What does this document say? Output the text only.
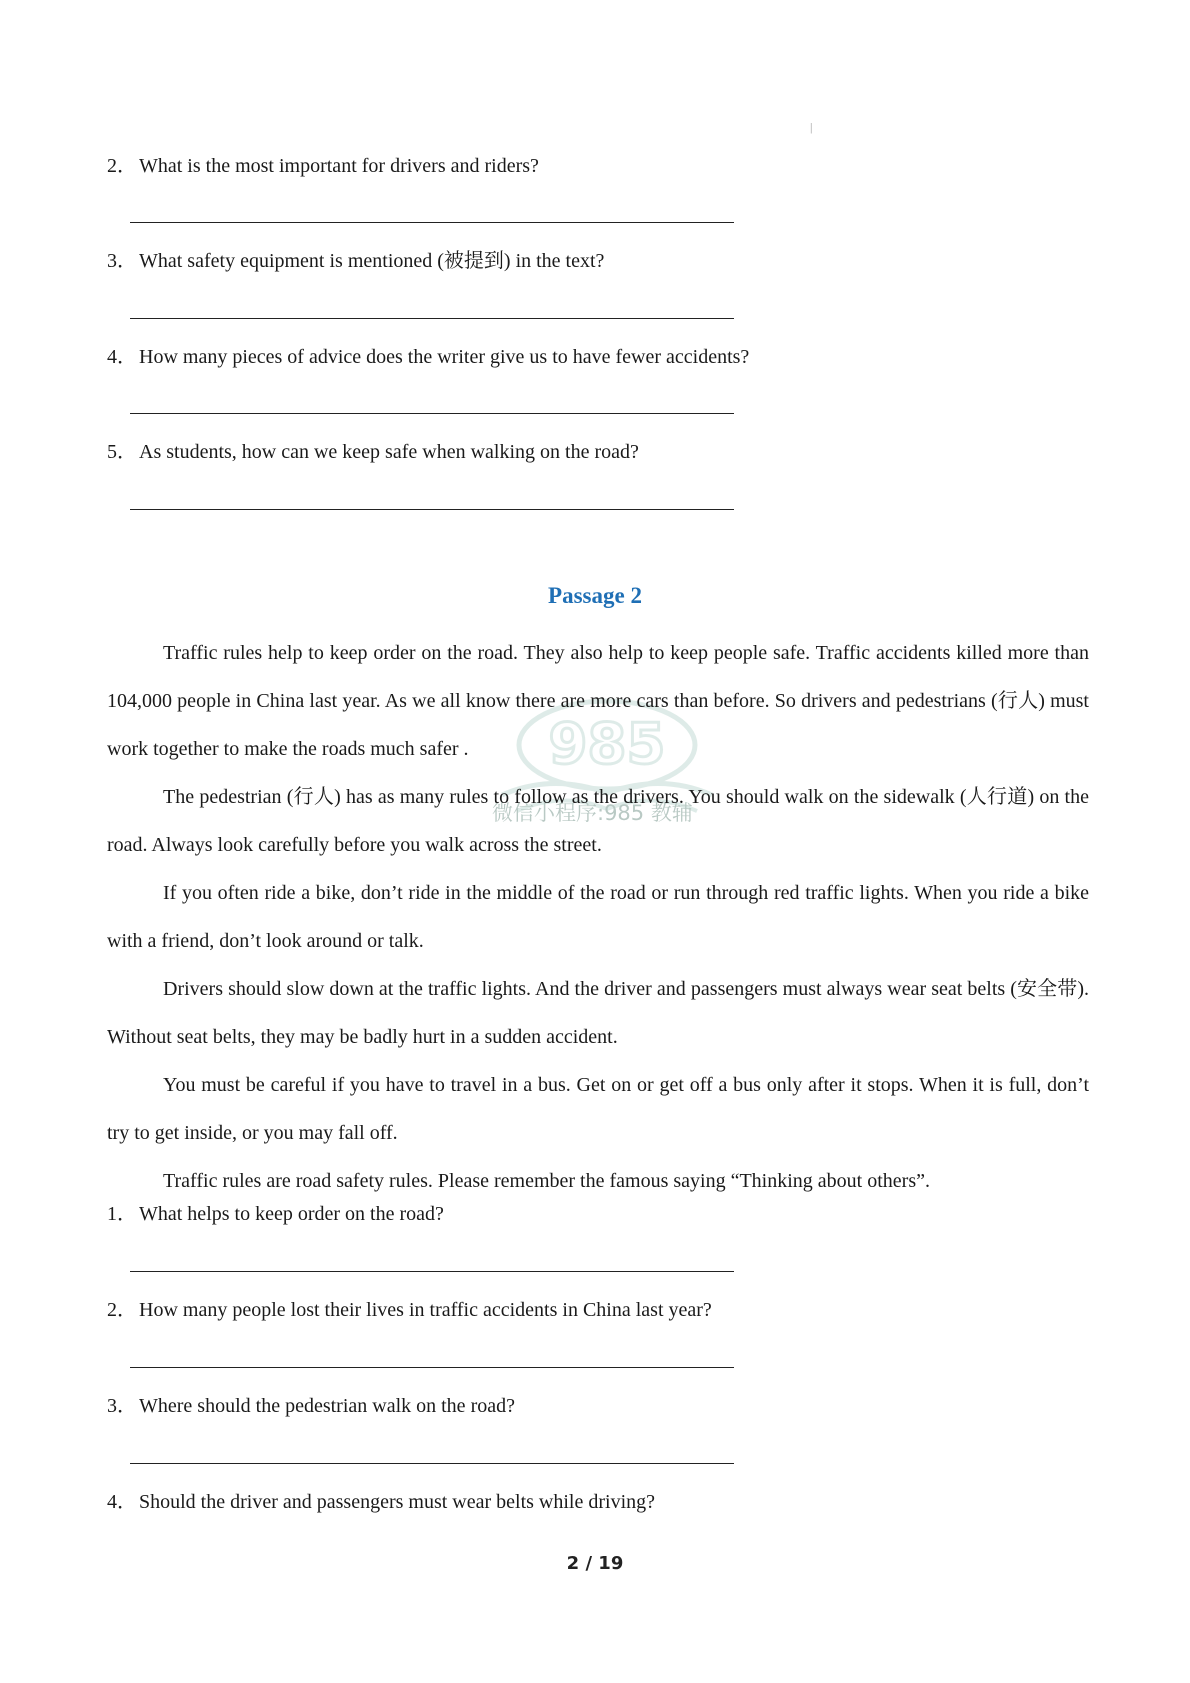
|
2． What is the most important for drivers and riders?
3． What safety equipment is mentioned (被提到) in the text?
4． How many pieces of advice does the writer give us to have fewer accidents?
5． As students, how can we keep safe when walking on the road?
Passage 2
985
微信小程序:985 教辅

Traffic rules help to keep order on the road. They also help to keep people safe. Traffic accidents killed more than 104,000 people in China last year. As we all know there are more cars than before. So drivers and pedestrians (行人) must work together to make the roads much safer .

The pedestrian (行人) has as many rules to follow as the drivers. You should walk on the sidewalk (人行道) on the road. Always look carefully before you walk across the street.

If you often ride a bike, don’t ride in the middle of the road or run through red traffic lights. When you ride a bike with a friend, don’t look around or talk.

Drivers should slow down at the traffic lights. And the driver and passengers must always wear seat belts (安全带). Without seat belts, they may be badly hurt in a sudden accident.

You must be careful if you have to travel in a bus. Get on or get off a bus only after it stops. When it is full, don’t try to get inside, or you may fall off.

Traffic rules are road safety rules. Please remember the famous saying “Thinking about others”.

1． What helps to keep order on the road?
2． How many people lost their lives in traffic accidents in China last year?
3． Where should the pedestrian walk on the road?
4． Should the driver and passengers must wear belts while driving?
2 / 19
